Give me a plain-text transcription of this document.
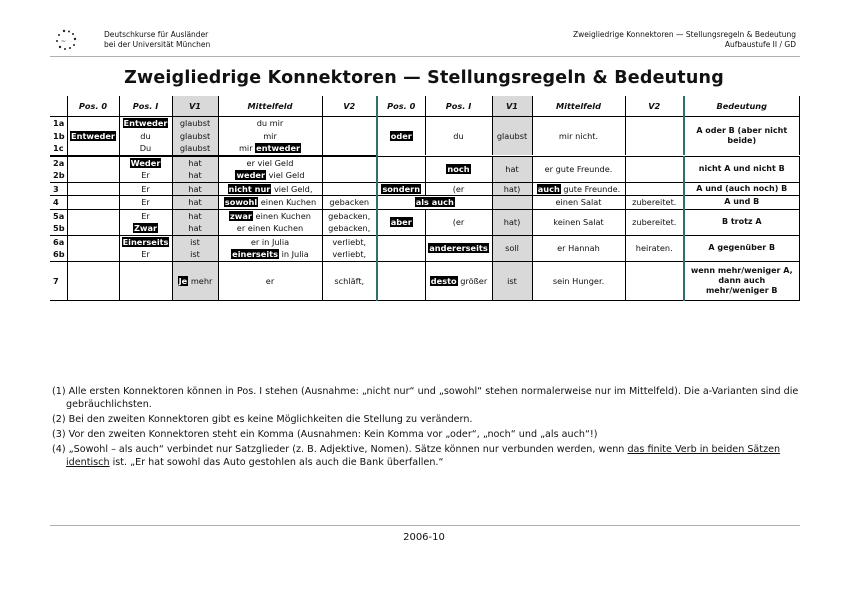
~
Deutschkurse für Ausländer
bei der Universität München
Zweigliedrige Konnektoren — Stellungsregeln & Bedeutung
Aufbaustufe II / GD
Zweigliedrige Konnektoren — Stellungsregeln & Bedeutung
	Pos. 0	Pos. I	V1	Mittelfeld	V2	Pos. 0	Pos. I	V1	Mittelfeld	V2	Bedeutung
1a		Entweder	glaubst	du mir		oder	du	glaubst	mir nicht.		A oder B (aber nicht beide)
1b	Entweder	du	glaubst	mir							
1c		Du	glaubst	mir entweder							

2a		Weder	hat	er viel Geld			noch	hat	er gute Freunde.		nicht A und nicht B
2b		Er	hat	weder viel Geld							
3		Er	hat	nicht nur viel Geld,		sondern	(er	hat)	auch gute Freunde.		A und (auch noch) B
4		Er	hat	sowohl einen Kuchen	gebacken	als auch			einen Salat	zubereitet.	A und B
5a		Er	hat	zwar einen Kuchen	gebacken,	aber	(er	hat)	keinen Salat	zubereitet.	B trotz A
5b		Zwar	hat	er einen Kuchen	gebacken,						
6a		Einerseits	ist	er in Julia	verliebt,		andererseits	soll	er Hannah	heiraten.	A gegenüber B
6b		Er	ist	einerseits in Julia	verliebt,						
7			Je mehr	er	schläft,		desto größer	ist	sein Hunger.		wenn mehr/weniger A, dann auch mehr/weniger B

(1) Alle ersten Konnektoren können in Pos. I stehen (Ausnahme: „nicht nur“ und „sowohl“ stehen normalerweise nur im Mittelfeld). Die a-Varianten sind die gebräuchlichsten.

(2) Bei den zweiten Konnektoren gibt es keine Möglichkeiten die Stellung zu verändern.

(3) Vor den zweiten Konnektoren steht ein Komma (Ausnahmen: Kein Komma vor „oder“, „noch“ und „als auch“!)

(4) „Sowohl – als auch“ verbindet nur Satzglieder (z. B. Adjektive, Nomen). Sätze können nur verbunden werden, wenn das finite Verb in beiden Sätzen identisch ist. „Er hat sowohl das Auto gestohlen als auch die Bank überfallen.“

2006-10
